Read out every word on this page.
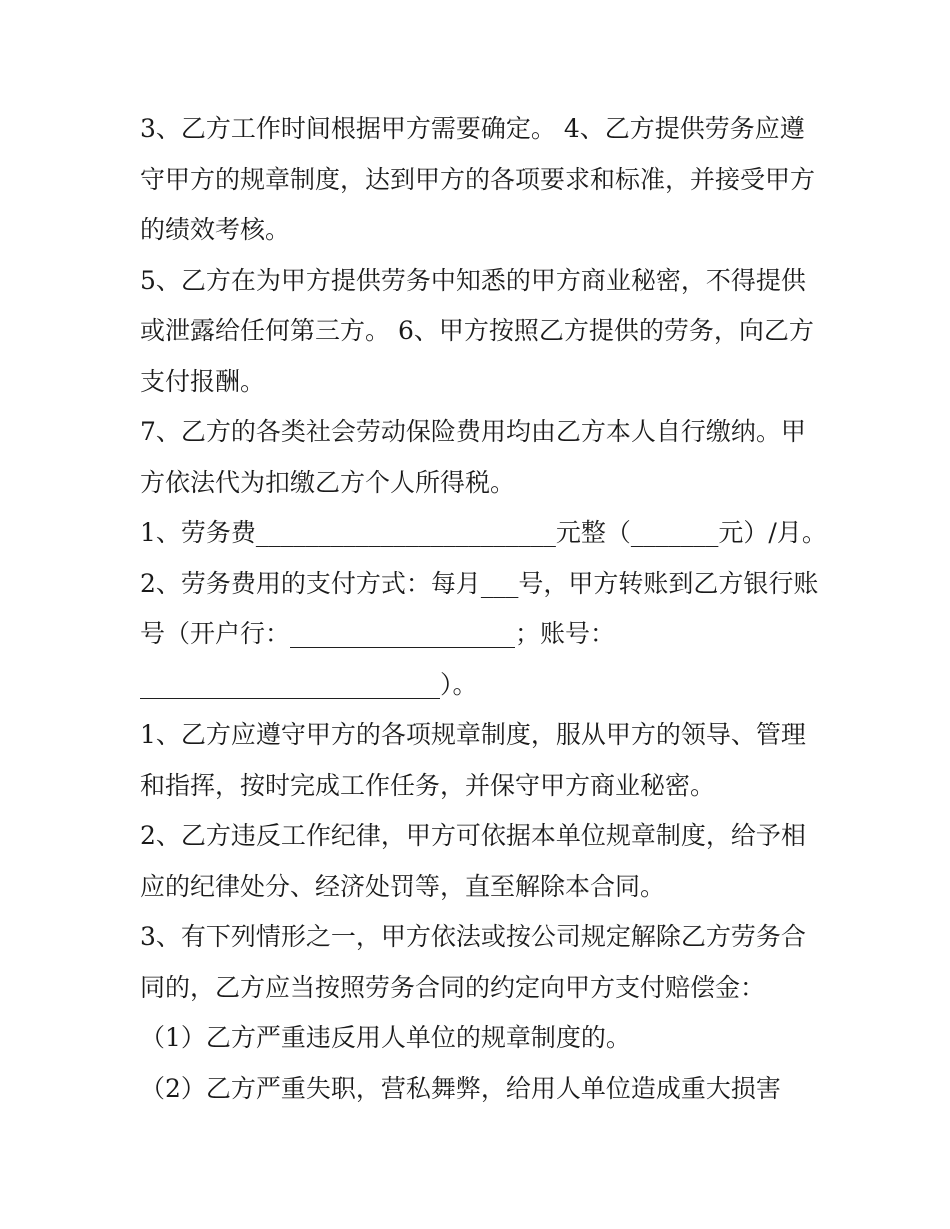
3、乙方工作时间根据甲方需要确定。 4、乙方提供劳务应遵
守甲方的规章制度，达到甲方的各项要求和标准，并接受甲方
的绩效考核。
5、乙方在为甲方提供劳务中知悉的甲方商业秘密，不得提供
或泄露给任何第三方。 6、甲方按照乙方提供的劳务，向乙方
支付报酬。
7、乙方的各类社会劳动保险费用均由乙方本人自行缴纳。甲
方依法代为扣缴乙方个人所得税。
1、劳务费________________________元整（_______元）/月。
2、劳务费用的支付方式：每月___号，甲方转账到乙方银行账
号（开户行：__________________；账号：
________________________）。
1、乙方应遵守甲方的各项规章制度，服从甲方的领导、管理
和指挥，按时完成工作任务，并保守甲方商业秘密。
2、乙方违反工作纪律，甲方可依据本单位规章制度，给予相
应的纪律处分、经济处罚等，直至解除本合同。
3、有下列情形之一，甲方依法或按公司规定解除乙方劳务合
同的，乙方应当按照劳务合同的约定向甲方支付赔偿金：
（1）乙方严重违反用人单位的规章制度的。
（2）乙方严重失职，营私舞弊，给用人单位造成重大损害
